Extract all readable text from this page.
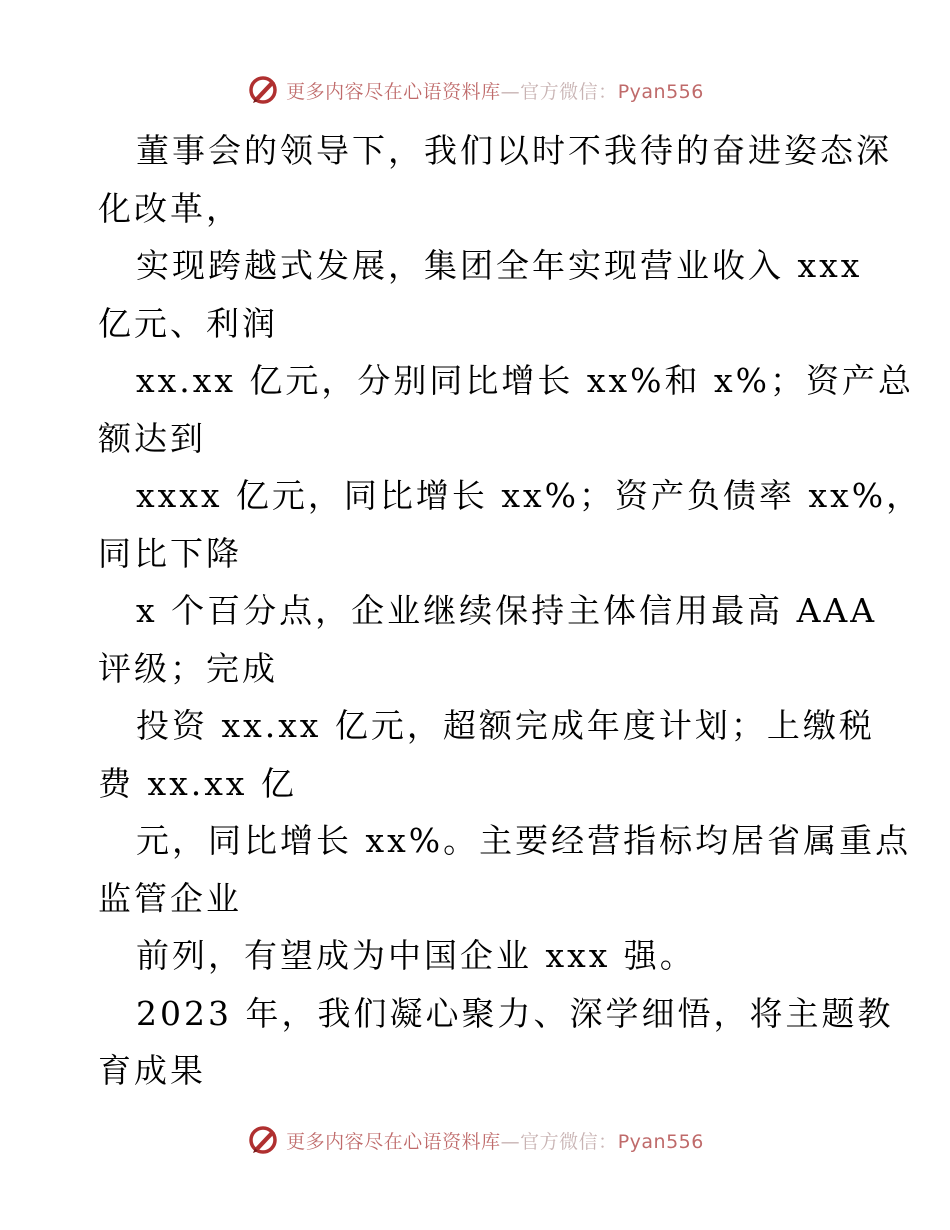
更多内容尽在心语资料库—官方微信：Pyan556
董事会的领导下，我们以时不我待的奋进姿态深
化改革，
实现跨越式发展，集团全年实现营业收入 xxx
亿元、利润
xx.xx 亿元，分别同比增长 xx%和 x%；资产总
额达到
xxxx 亿元，同比增长 xx%；资产负债率 xx%，
同比下降
x 个百分点，企业继续保持主体信用最高 AAA
评级；完成
投资 xx.xx 亿元，超额完成年度计划；上缴税
费 xx.xx 亿
元，同比增长 xx%。主要经营指标均居省属重点
监管企业
前列，有望成为中国企业 xxx 强。
2023 年，我们凝心聚力、深学细悟，将主题教
育成果
更多内容尽在心语资料库—官方微信：Pyan556
